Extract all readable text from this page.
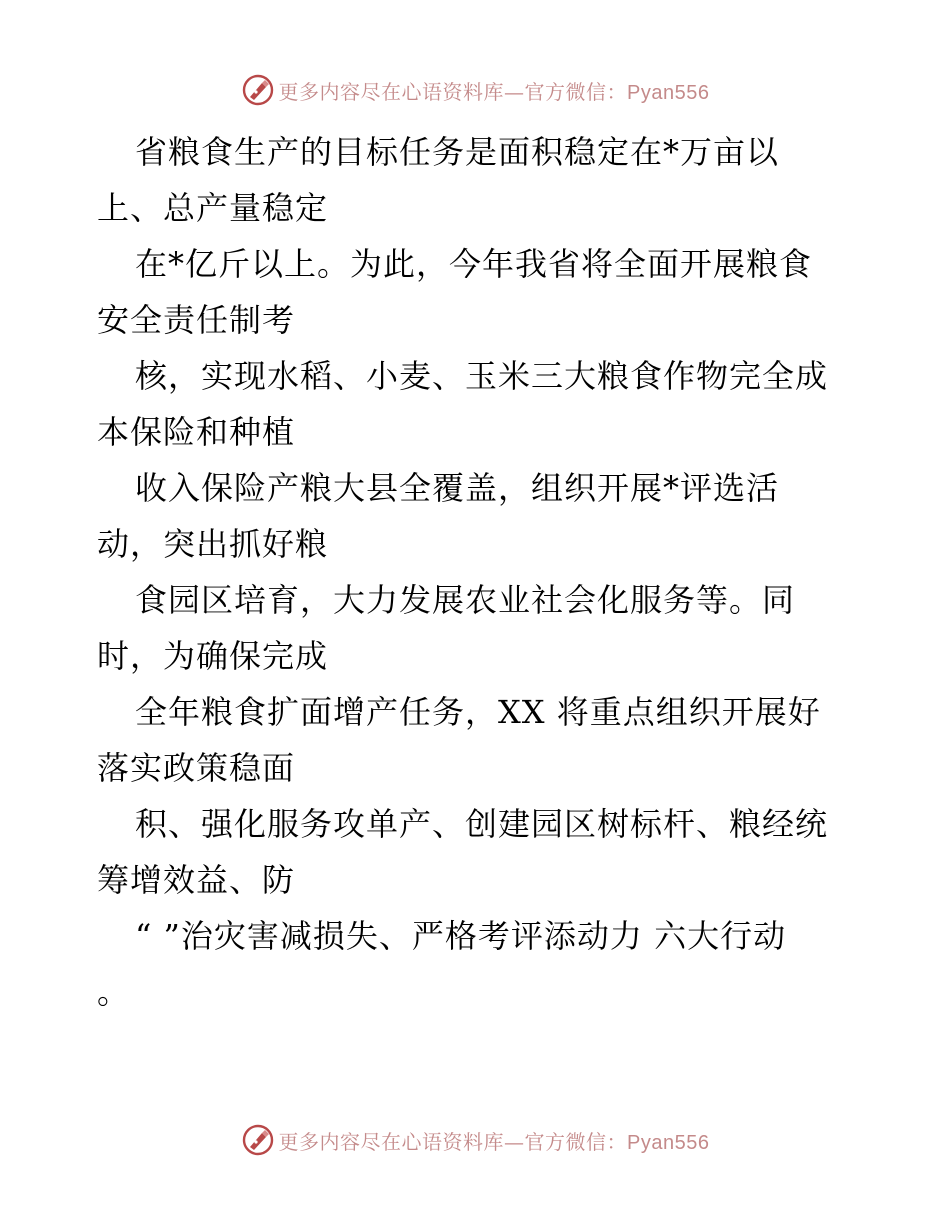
更多内容尽在心语资料库—官方微信：Pyan556
省粮食生产的目标任务是面积稳定在*万亩以
上、总产量稳定
在*亿斤以上。为此，今年我省将全面开展粮食
安全责任制考
核，实现水稻、小麦、玉米三大粮食作物完全成
本保险和种植
收入保险产粮大县全覆盖，组织开展*评选活
动，突出抓好粮
食园区培育，大力发展农业社会化服务等。同
时，为确保完成
全年粮食扩面增产任务，XX 将重点组织开展好
落实政策稳面
积、强化服务攻单产、创建园区树标杆、粮经统
筹增效益、防
“ ”治灾害减损失、严格考评添动力 六大行动
。
更多内容尽在心语资料库—官方微信：Pyan556
